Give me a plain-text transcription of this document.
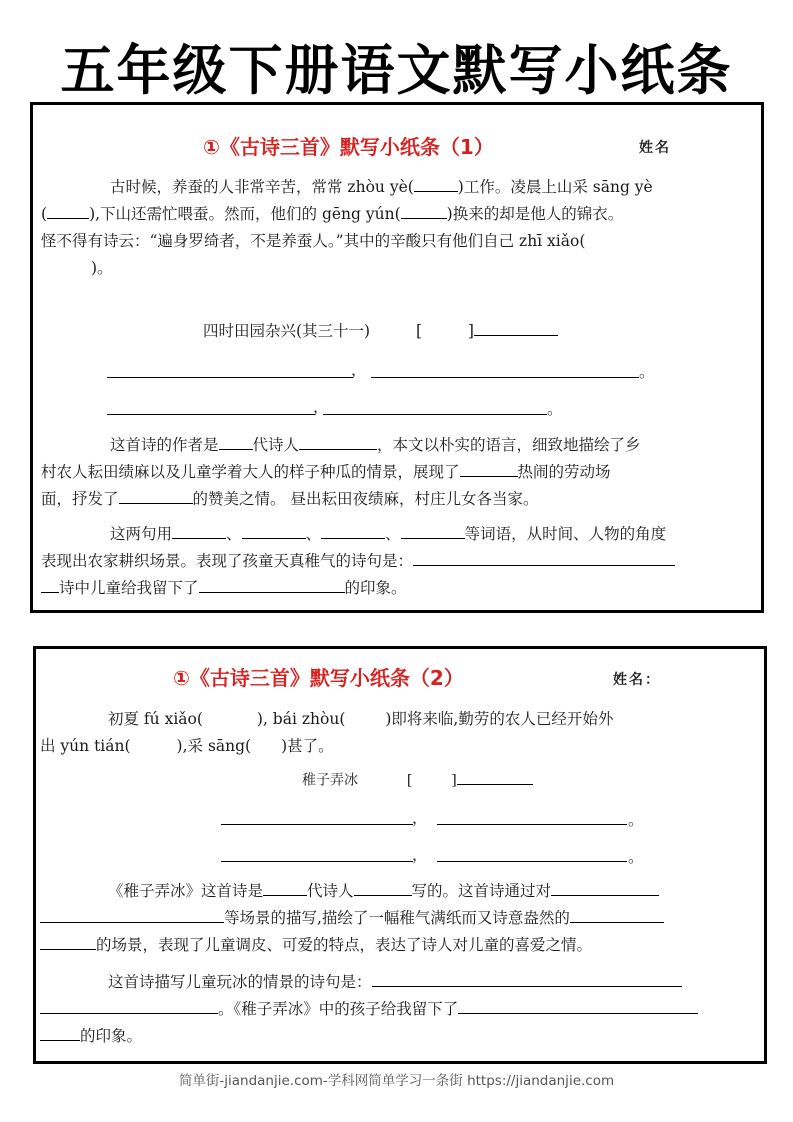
五年级下册语文默写小纸条
①《古诗三首》默写小纸条（1）	姓名
古时候，养蚕的人非常辛苦，常常 zhòu yè(	)工作。凌晨上山采 sāng yè
(	),下山还需忙喂蚕。然而，他们的 gēng yún(	)换来的却是他人的锦衣。
怪不得有诗云：“遍身罗绮者，不是养蚕人。”其中的辛酸只有他们自己 zhī xiǎo(
)。
四时田园杂兴(其三十一)	[	]
，	。
，	。
这首诗的作者是 代诗人	，本文以朴实的语言，细致地描绘了乡
村农人耘田绩麻以及儿童学着大人的样子种瓜的情景，展现了	热闹的劳动场
面，抒发了	的赞美之情。 昼出耘田夜绩麻，村庄儿女各当家。
这两句用	、	、	、	等词语，从时间、人物的角度
表现出农家耕织场景。表现了孩童天真稚气的诗句是：
诗中儿童给我留下了	的印象。
①《古诗三首》默写小纸条（2）	姓名：
初夏 fú xiǎo(	), bái zhòu(	)即将来临,勤劳的农人已经开始外
出 yún tián(	),采 sāng( )甚了。
稚子弄冰	[	]
，	。
，	。
《稚子弄冰》这首诗是	代诗人	写的。这首诗通过对
等场景的描写,描绘了一幅稚气满纸而又诗意盎然的
的场景，表现了儿童调皮、可爱的特点，表达了诗人对儿童的喜爱之情。
这首诗描写儿童玩冰的情景的诗句是：
。《稚子弄冰》中的孩子给我留下了
的印象。
简单街-jiandanjie.com-学科网简单学习一条街 https://jiandanjie.com
